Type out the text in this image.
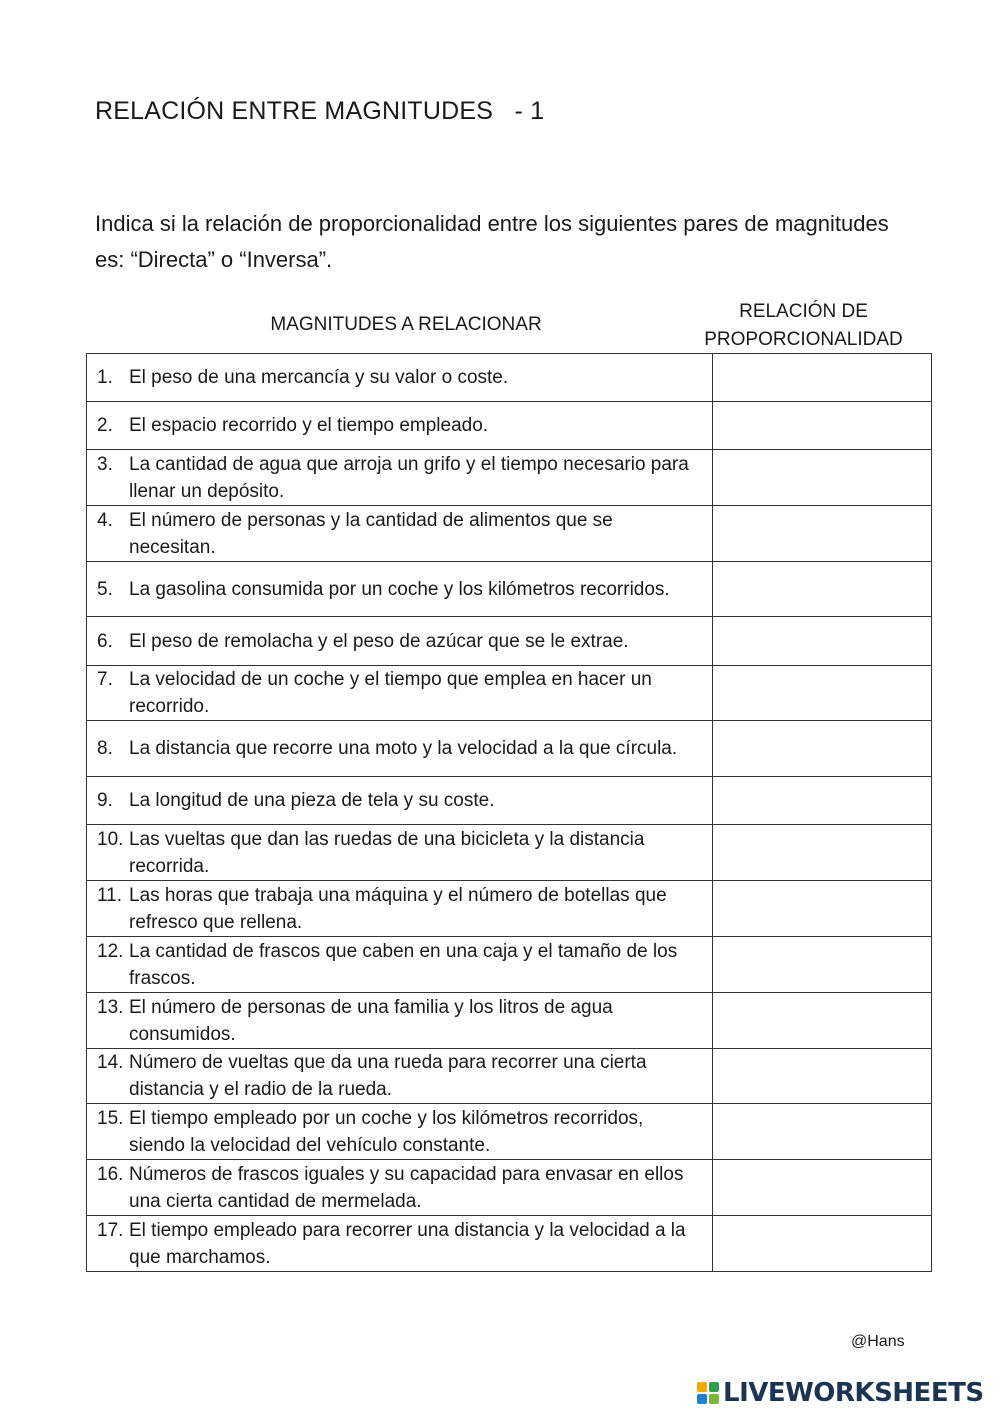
RELACIÓN ENTRE MAGNITUDES   - 1
Indica si la relación de proporcionalidad entre los siguientes pares de magnitudes es: “Directa” o “Inversa”.
MAGNITUDES A RELACIONAR
RELACIÓN DE
PROPORCIONALIDAD
1. El peso de una mercancía y su valor o coste.	

2. El espacio recorrido y el tiempo empleado.	

3. La cantidad de agua que arroja un grifo y el tiempo necesario para llenar un depósito.	

4. El número de personas y la cantidad de alimentos que se necesitan.	

5. La gasolina consumida por un coche y los kilómetros recorridos.	

6. El peso de remolacha y el peso de azúcar que se le extrae.	

7. La velocidad de un coche y el tiempo que emplea en hacer un recorrido.	

8. La distancia que recorre una moto y la velocidad a la que círcula.	

9. La longitud de una pieza de tela y su coste.	

10. Las vueltas que dan las ruedas de una bicicleta y la distancia recorrida.	

11. Las horas que trabaja una máquina y el número de botellas que refresco que rellena.	

12. La cantidad de frascos que caben en una caja y el tamaño de los frascos.	

13. El número de personas de una familia y los litros de agua consumidos.	

14. Número de vueltas que da una rueda para recorrer una cierta distancia y el radio de la rueda.	

15. El tiempo empleado por un coche y los kilómetros recorridos, siendo la velocidad del vehículo constante.	

16. Números de frascos iguales y su capacidad para envasar en ellos una cierta cantidad de mermelada.	

17. El tiempo empleado para recorrer una distancia y la velocidad a la que marchamos.	

@Hans
LIVEWORKSHEETS
